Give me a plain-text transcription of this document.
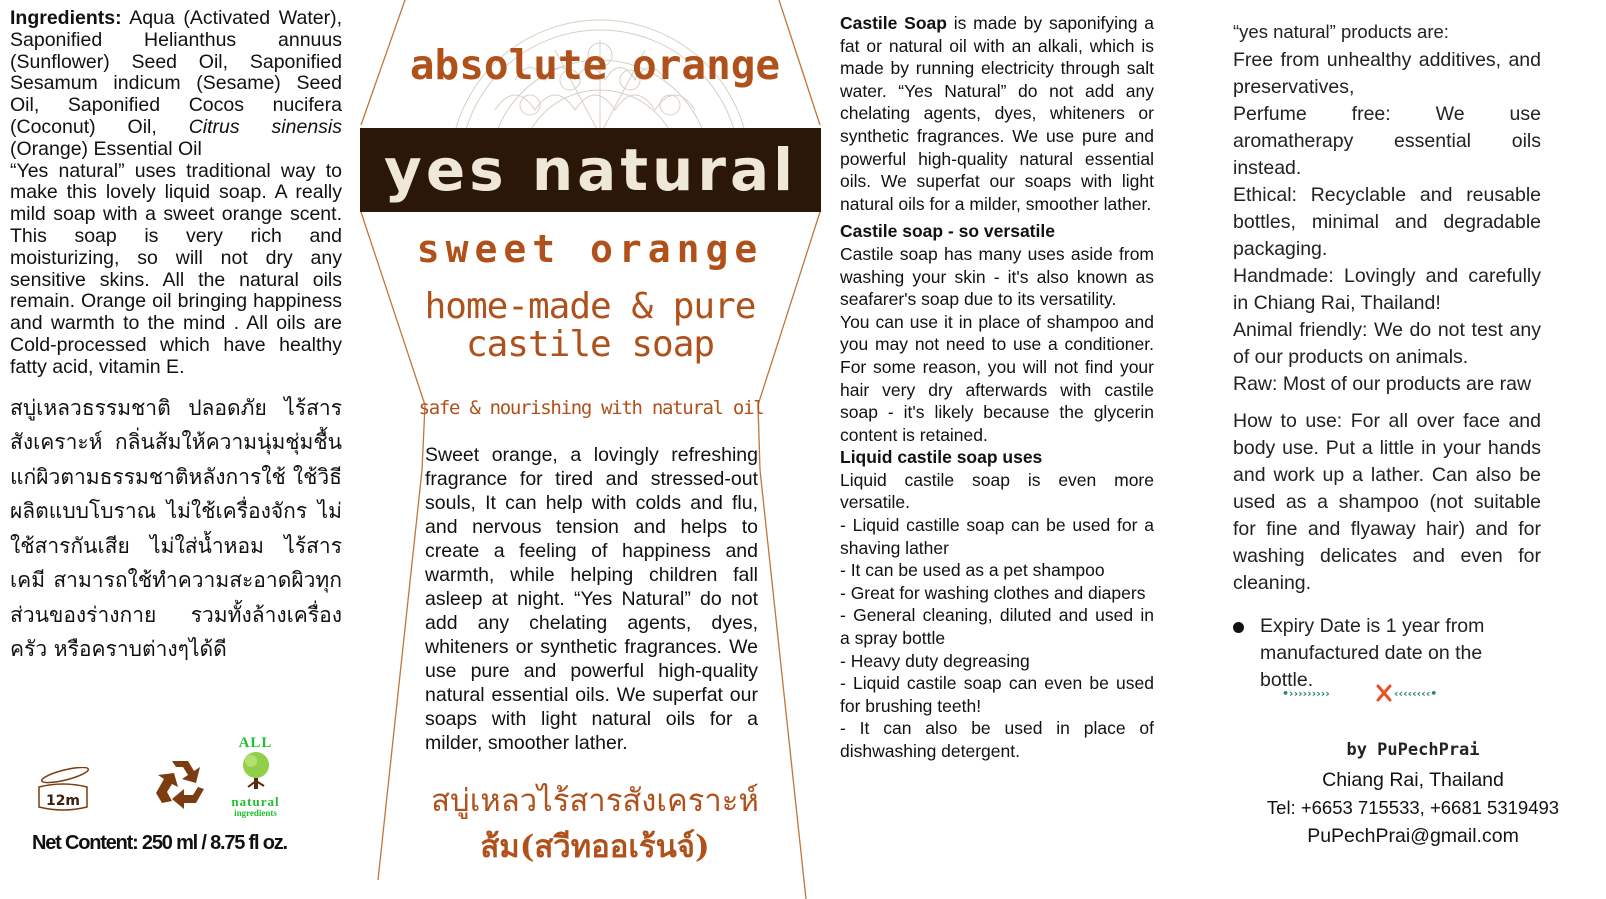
Ingredients: Aqua (Activated Water), Saponified Helianthus annuus (Sunflower) Seed Oil, Saponified Sesamum indicum (Sesame) Seed Oil, Saponified Cocos nucifera (Coconut) Oil, Citrus sinensis (Orange) Essential Oil

“Yes natural” uses traditional way to make this lovely liquid soap. A really mild soap with a sweet orange scent. This soap is very rich and moisturizing, so will not dry any sensitive skins. All the natural oils remain. Orange oil bringing happiness and warmth to the mind . All oils are Cold-processed which have healthy fatty acid, vitamin E.

สบู่เหลวธรรมชาติ ปลอดภัย ไร้สารสังเคราะห์ กลิ่นส้มให้ความนุ่มชุ่มชื้นแก่ผิวตามธรรมชาติหลังการใช้ ใช้วิธีผลิตแบบโบราณ ไม่ใช้เครื่องจักร ไม่ใช้สารกันเสีย ไม่ใส่น้ำหอม ไร้สารเคมี สามารถใช้ทำความสะอาดผิวทุกส่วนของร่างกาย รวมทั้งล้างเครื่องครัว หรือคราบต่างๆได้ดี

12m
ALL
natural
ingredients
Net Content: 250 ml / 8.75 fl oz.
absolute orange
yes natural
sweet orange
home-made & pure
castile soap
safe & nourishing with natural oil

Sweet orange, a lovingly refreshing fragrance for tired and stressed-out souls, It can help with colds and flu, and nervous tension and helps to create a feeling of happiness and warmth, while helping children fall asleep at night. “Yes Natural” do not add any chelating agents, dyes, whiteners or synthetic fragrances. We use pure and powerful high-quality natural essential oils. We superfat our soaps with light natural oils for a milder, smoother lather.

สบู่เหลวไร้สารสังเคราะห์
ส้ม(สวีทออเร้นจ์)

Castile Soap is made by saponifying a fat or natural oil with an alkali, which is made by running electricity through salt water. “Yes Natural” do not add any chelating agents, dyes, whiteners or synthetic fragrances. We use pure and powerful high-quality natural essential oils. We superfat our soaps with light natural oils for a milder, smoother lather.

Castile soap - so versatile

Castile soap has many uses aside from washing your skin - it's also known as seafarer's soap due to its versatility.

You can use it in place of shampoo and you may not need to use a conditioner. For some reason, you will not find your hair very dry afterwards with castile soap - it's likely because the glycerin content is retained.

Liquid castile soap uses

Liquid castile soap is even more versatile.

- Liquid castille soap can be used for a shaving lather

- It can be used as a pet shampoo

- Great for washing clothes and diapers

- General cleaning, diluted and used in a spray bottle

- Heavy duty degreasing

- Liquid castile soap can even be used for brushing teeth!

- It can also be used in place of dishwashing detergent.

“yes natural” products are:

Free from unhealthy additives, and preservatives,

Perfume free: We use aromatherapy essential oils instead.

Ethical: Recyclable and reusable bottles, minimal and degradable packaging.

Handmade: Lovingly and carefully in Chiang Rai, Thailand!

Animal friendly: We do not test any of our products on animals.

Raw: Most of our products are raw

How to use: For all over face and body use. Put a little in your hands and work up a lather. Can also be used as a shampoo (not suitable for fine and flyaway hair) and for washing delicates and even for cleaning.

Expiry Date is 1 year from manufactured date on the bottle.
•›››››››››	‹‹‹‹‹‹‹‹•
by PuPechPrai
Chiang Rai, Thailand
Tel: +6653 715533, +6681 5319493
PuPechPrai@gmail.com
